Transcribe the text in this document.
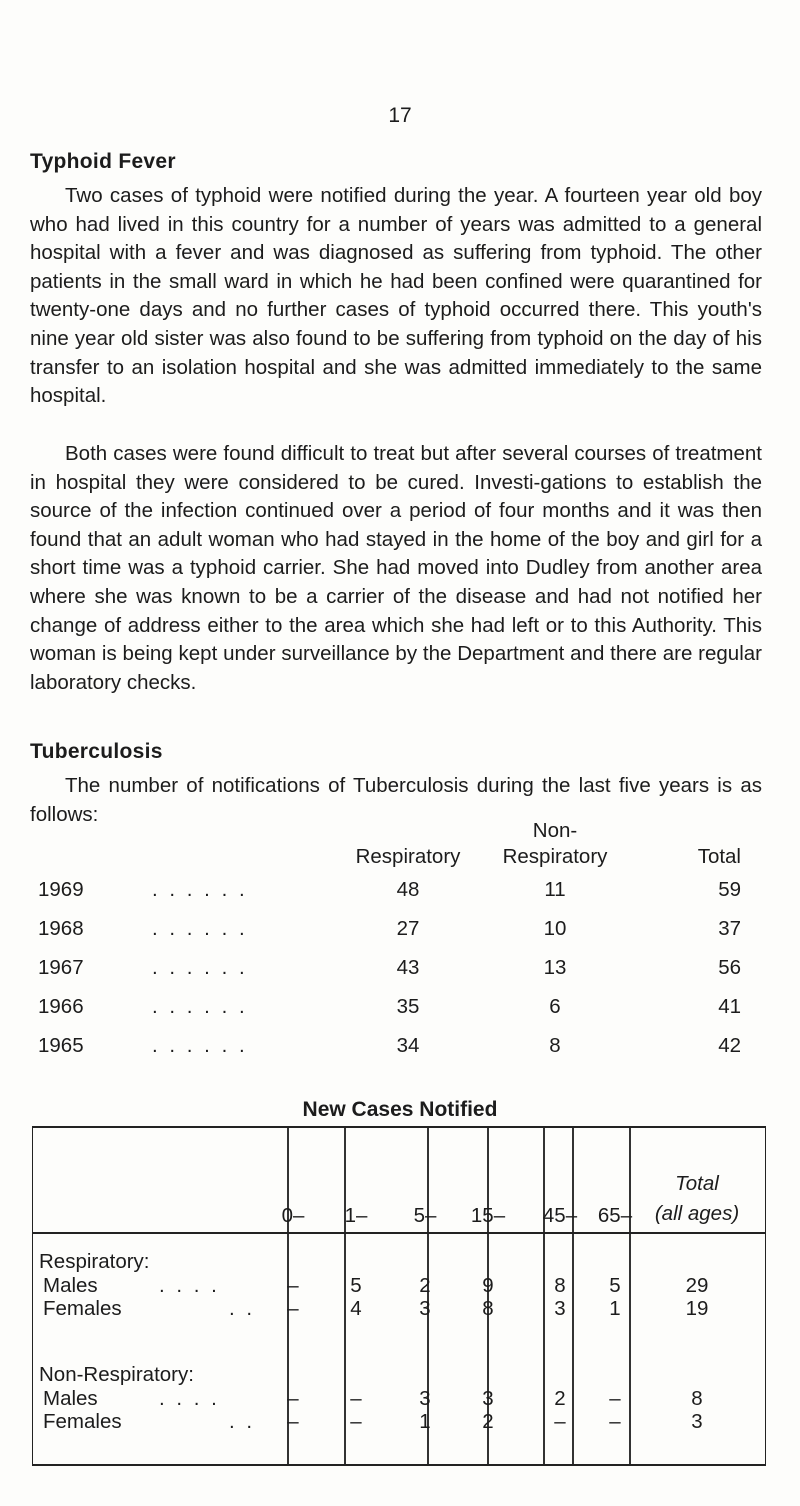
17
Typhoid Fever

Two cases of typhoid were notified during the year. A fourteen year old boy who had lived in this country for a number of years was admitted to a general hospital with a fever and was diagnosed as suffering from typhoid. The other patients in the small ward in which he had been confined were quarantined for twenty-one days and no further cases of typhoid occurred there. This youth's nine year old sister was also found to be suffering from typhoid on the day of his transfer to an isolation hospital and she was admitted immediately to the same hospital.

Both cases were found difficult to treat but after several courses of treatment in hospital they were considered to be cured. Investi-gations to establish the source of the infection continued over a period of four months and it was then found that an adult woman who had stayed in the home of the boy and girl for a short time was a typhoid carrier. She had moved into Dudley from another area where she was known to be a carrier of the disease and had not notified her change of address either to the area which she had left or to this Authority. This woman is being kept under surveillance by the Department and there are regular laboratory checks.

Tuberculosis

The number of notifications of Tuberculosis during the last five years is as follows:

Respiratory
Non-
Respiratory	Total
1969	. . . . . .	48	11	59
1968	. . . . . .	27	10	37
1967	. . . . . .	43	13	56
1966	. . . . . .	35	6	41
1965	. . . . . .	34	8	42
New Cases Notified
0–	1–	5–	15–	45–	65–
Total
(all ages)
Respiratory:
Males	. . . .	–	5	2	9	8	5	29
Females	. .	–	4	3	8	3	1	19
Non-Respiratory:
Males	. . . .	–	–	3	3	2	–	8
Females	. .	–	–	1	2	–	–	3
